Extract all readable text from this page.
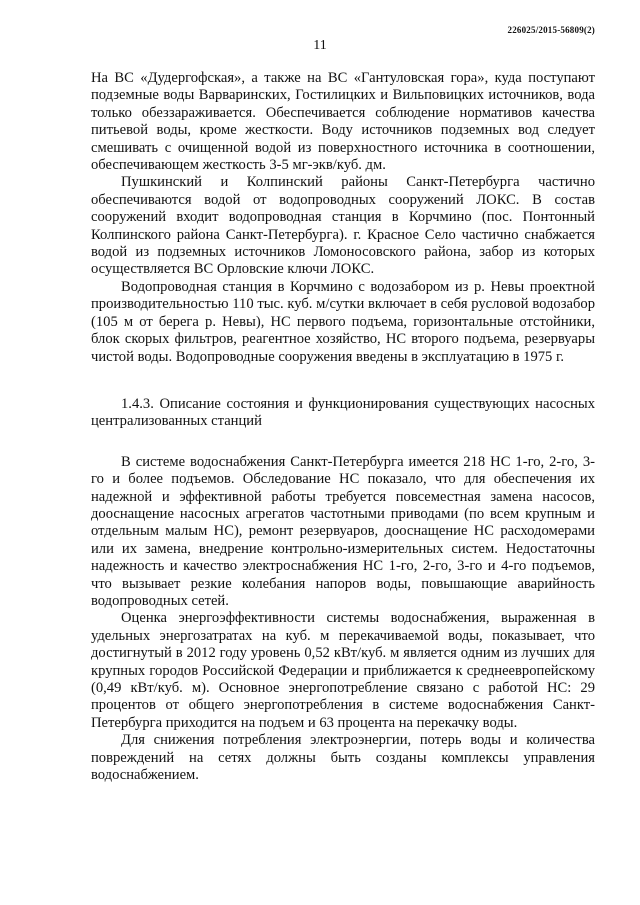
226025/2015-56809(2)
11

На ВС «Дудергофская», а также на ВС «Гантуловская гора», куда поступают подземные воды Варваринских, Гостилицких и Вильповицких источников, вода только обеззараживается. Обеспечивается соблюдение нормативов качества питьевой воды, кроме жесткости. Воду источников подземных вод следует смешивать с очищенной водой из поверхностного источника в соотношении, обеспечивающем жесткость 3-5 мг-экв/куб. дм.

Пушкинский и Колпинский районы Санкт-Петербурга частично обеспечиваются водой от водопроводных сооружений ЛОКС. В состав сооружений входит водопроводная станция в Корчмино (пос. Понтонный Колпинского района Санкт-Петербурга). г. Красное Село частично снабжается водой из подземных источников Ломоносовского района, забор из которых осуществляется ВС Орловские ключи ЛОКС.

Водопроводная станция в Корчмино с водозабором из р. Невы проектной производительностью 110 тыс. куб. м/сутки включает в себя русловой водозабор (105 м от берега р. Невы), НС первого подъема, горизонтальные отстойники, блок скорых фильтров, реагентное хозяйство, НС второго подъема, резервуары чистой воды. Водопроводные сооружения введены в эксплуатацию в 1975 г.

1.4.3. Описание состояния и функционирования существующих насосных централизованных станций

В системе водоснабжения Санкт-Петербурга имеется 218 НС 1-го, 2-го, 3-го и более подъемов. Обследование НС показало, что для обеспечения их надежной и эффективной работы требуется повсеместная замена насосов, дооснащение насосных агрегатов частотными приводами (по всем крупным и отдельным малым НС), ремонт резервуаров, дооснащение НС расходомерами или их замена, внедрение контрольно-измерительных систем. Недостаточны надежность и качество электроснабжения НС 1-го, 2-го, 3-го и 4-го подъемов, что вызывает резкие колебания напоров воды, повышающие аварийность водопроводных сетей.

Оценка энергоэффективности системы водоснабжения, выраженная в удельных энергозатратах на куб. м перекачиваемой воды, показывает, что достигнутый в 2012 году уровень 0,52 кВт/куб. м является одним из лучших для крупных городов Российской Федерации и приближается к среднеевропейскому (0,49 кВт/куб. м). Основное энергопотребление связано с работой НС: 29 процентов от общего энергопотребления в системе водоснабжения Санкт-Петербурга приходится на подъем и 63 процента на перекачку воды.

Для снижения потребления электроэнергии, потерь воды и количества повреждений на сетях должны быть созданы комплексы управления водоснабжением.
